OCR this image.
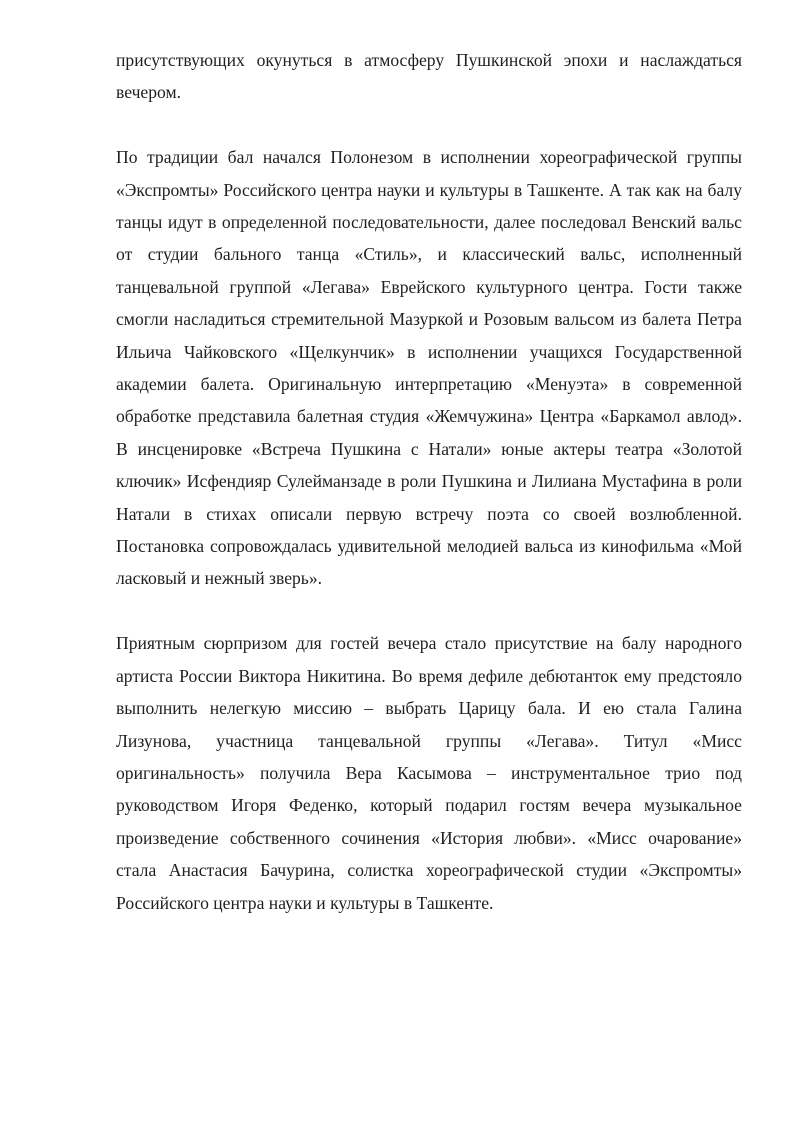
присутствующих окунуться в атмосферу Пушкинской эпохи и наслаждаться вечером.

По традиции бал начался Полонезом в исполнении хореографической группы «Экспромты» Российского центра науки и культуры в Ташкенте. А так как на балу танцы идут в определенной последовательности, далее последовал Венский вальс от студии бального танца «Стиль», и классический вальс, исполненный танцевальной группой «Легава» Еврейского культурного центра. Гости также смогли насладиться стремительной Мазуркой и Розовым вальсом из балета Петра Ильича Чайковского «Щелкунчик» в исполнении учащихся Государственной академии балета. Оригинальную интерпретацию «Менуэта» в современной обработке представила балетная студия «Жемчужина» Центра «Баркамол авлод». В инсценировке «Встреча Пушкина с Натали» юные актеры театра «Золотой ключик» Исфендияр Сулейманзаде в роли Пушкина и Лилиана Мустафина в роли Натали в стихах описали первую встречу поэта со своей возлюбленной. Постановка сопровождалась удивительной мелодией вальса из кинофильма «Мой ласковый и нежный зверь».

Приятным сюрпризом для гостей вечера стало присутствие на балу народного артиста России Виктора Никитина. Во время дефиле дебютанток ему предстояло выполнить нелегкую миссию – выбрать Царицу бала. И ею стала Галина Лизунова, участница танцевальной группы «Легава». Титул «Мисс оригинальность» получила Вера Касымова – инструментальное трио под руководством Игоря Феденко, который подарил гостям вечера музыкальное произведение собственного сочинения «История любви». «Мисс очарование» стала Анастасия Бачурина, солистка хореографической студии «Экспромты» Российского центра науки и культуры в Ташкенте.
